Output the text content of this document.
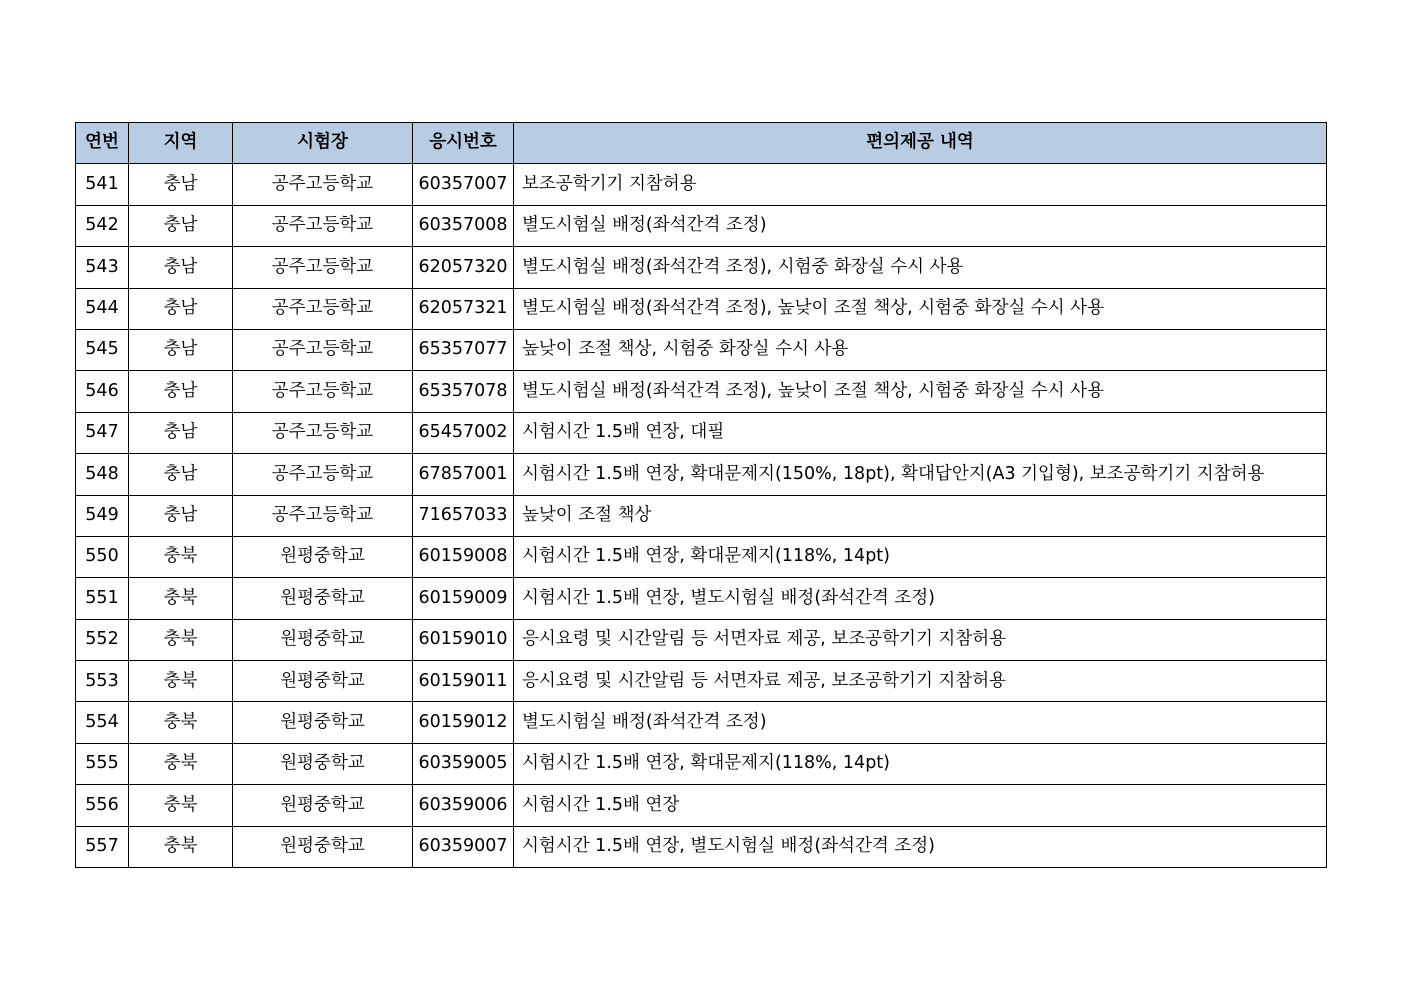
연번	지역	시험장	응시번호	편의제공 내역
541	충남	공주고등학교	60357007	보조공학기기 지참허용
542	충남	공주고등학교	60357008	별도시험실 배정(좌석간격 조정)
543	충남	공주고등학교	62057320	별도시험실 배정(좌석간격 조정), 시험중 화장실 수시 사용
544	충남	공주고등학교	62057321	별도시험실 배정(좌석간격 조정), 높낮이 조절 책상, 시험중 화장실 수시 사용
545	충남	공주고등학교	65357077	높낮이 조절 책상, 시험중 화장실 수시 사용
546	충남	공주고등학교	65357078	별도시험실 배정(좌석간격 조정), 높낮이 조절 책상, 시험중 화장실 수시 사용
547	충남	공주고등학교	65457002	시험시간 1.5배 연장, 대필
548	충남	공주고등학교	67857001	시험시간 1.5배 연장, 확대문제지(150%, 18pt), 확대답안지(A3 기입형), 보조공학기기 지참허용
549	충남	공주고등학교	71657033	높낮이 조절 책상
550	충북	원평중학교	60159008	시험시간 1.5배 연장, 확대문제지(118%, 14pt)
551	충북	원평중학교	60159009	시험시간 1.5배 연장, 별도시험실 배정(좌석간격 조정)
552	충북	원평중학교	60159010	응시요령 및 시간알림 등 서면자료 제공, 보조공학기기 지참허용
553	충북	원평중학교	60159011	응시요령 및 시간알림 등 서면자료 제공, 보조공학기기 지참허용
554	충북	원평중학교	60159012	별도시험실 배정(좌석간격 조정)
555	충북	원평중학교	60359005	시험시간 1.5배 연장, 확대문제지(118%, 14pt)
556	충북	원평중학교	60359006	시험시간 1.5배 연장
557	충북	원평중학교	60359007	시험시간 1.5배 연장, 별도시험실 배정(좌석간격 조정)
